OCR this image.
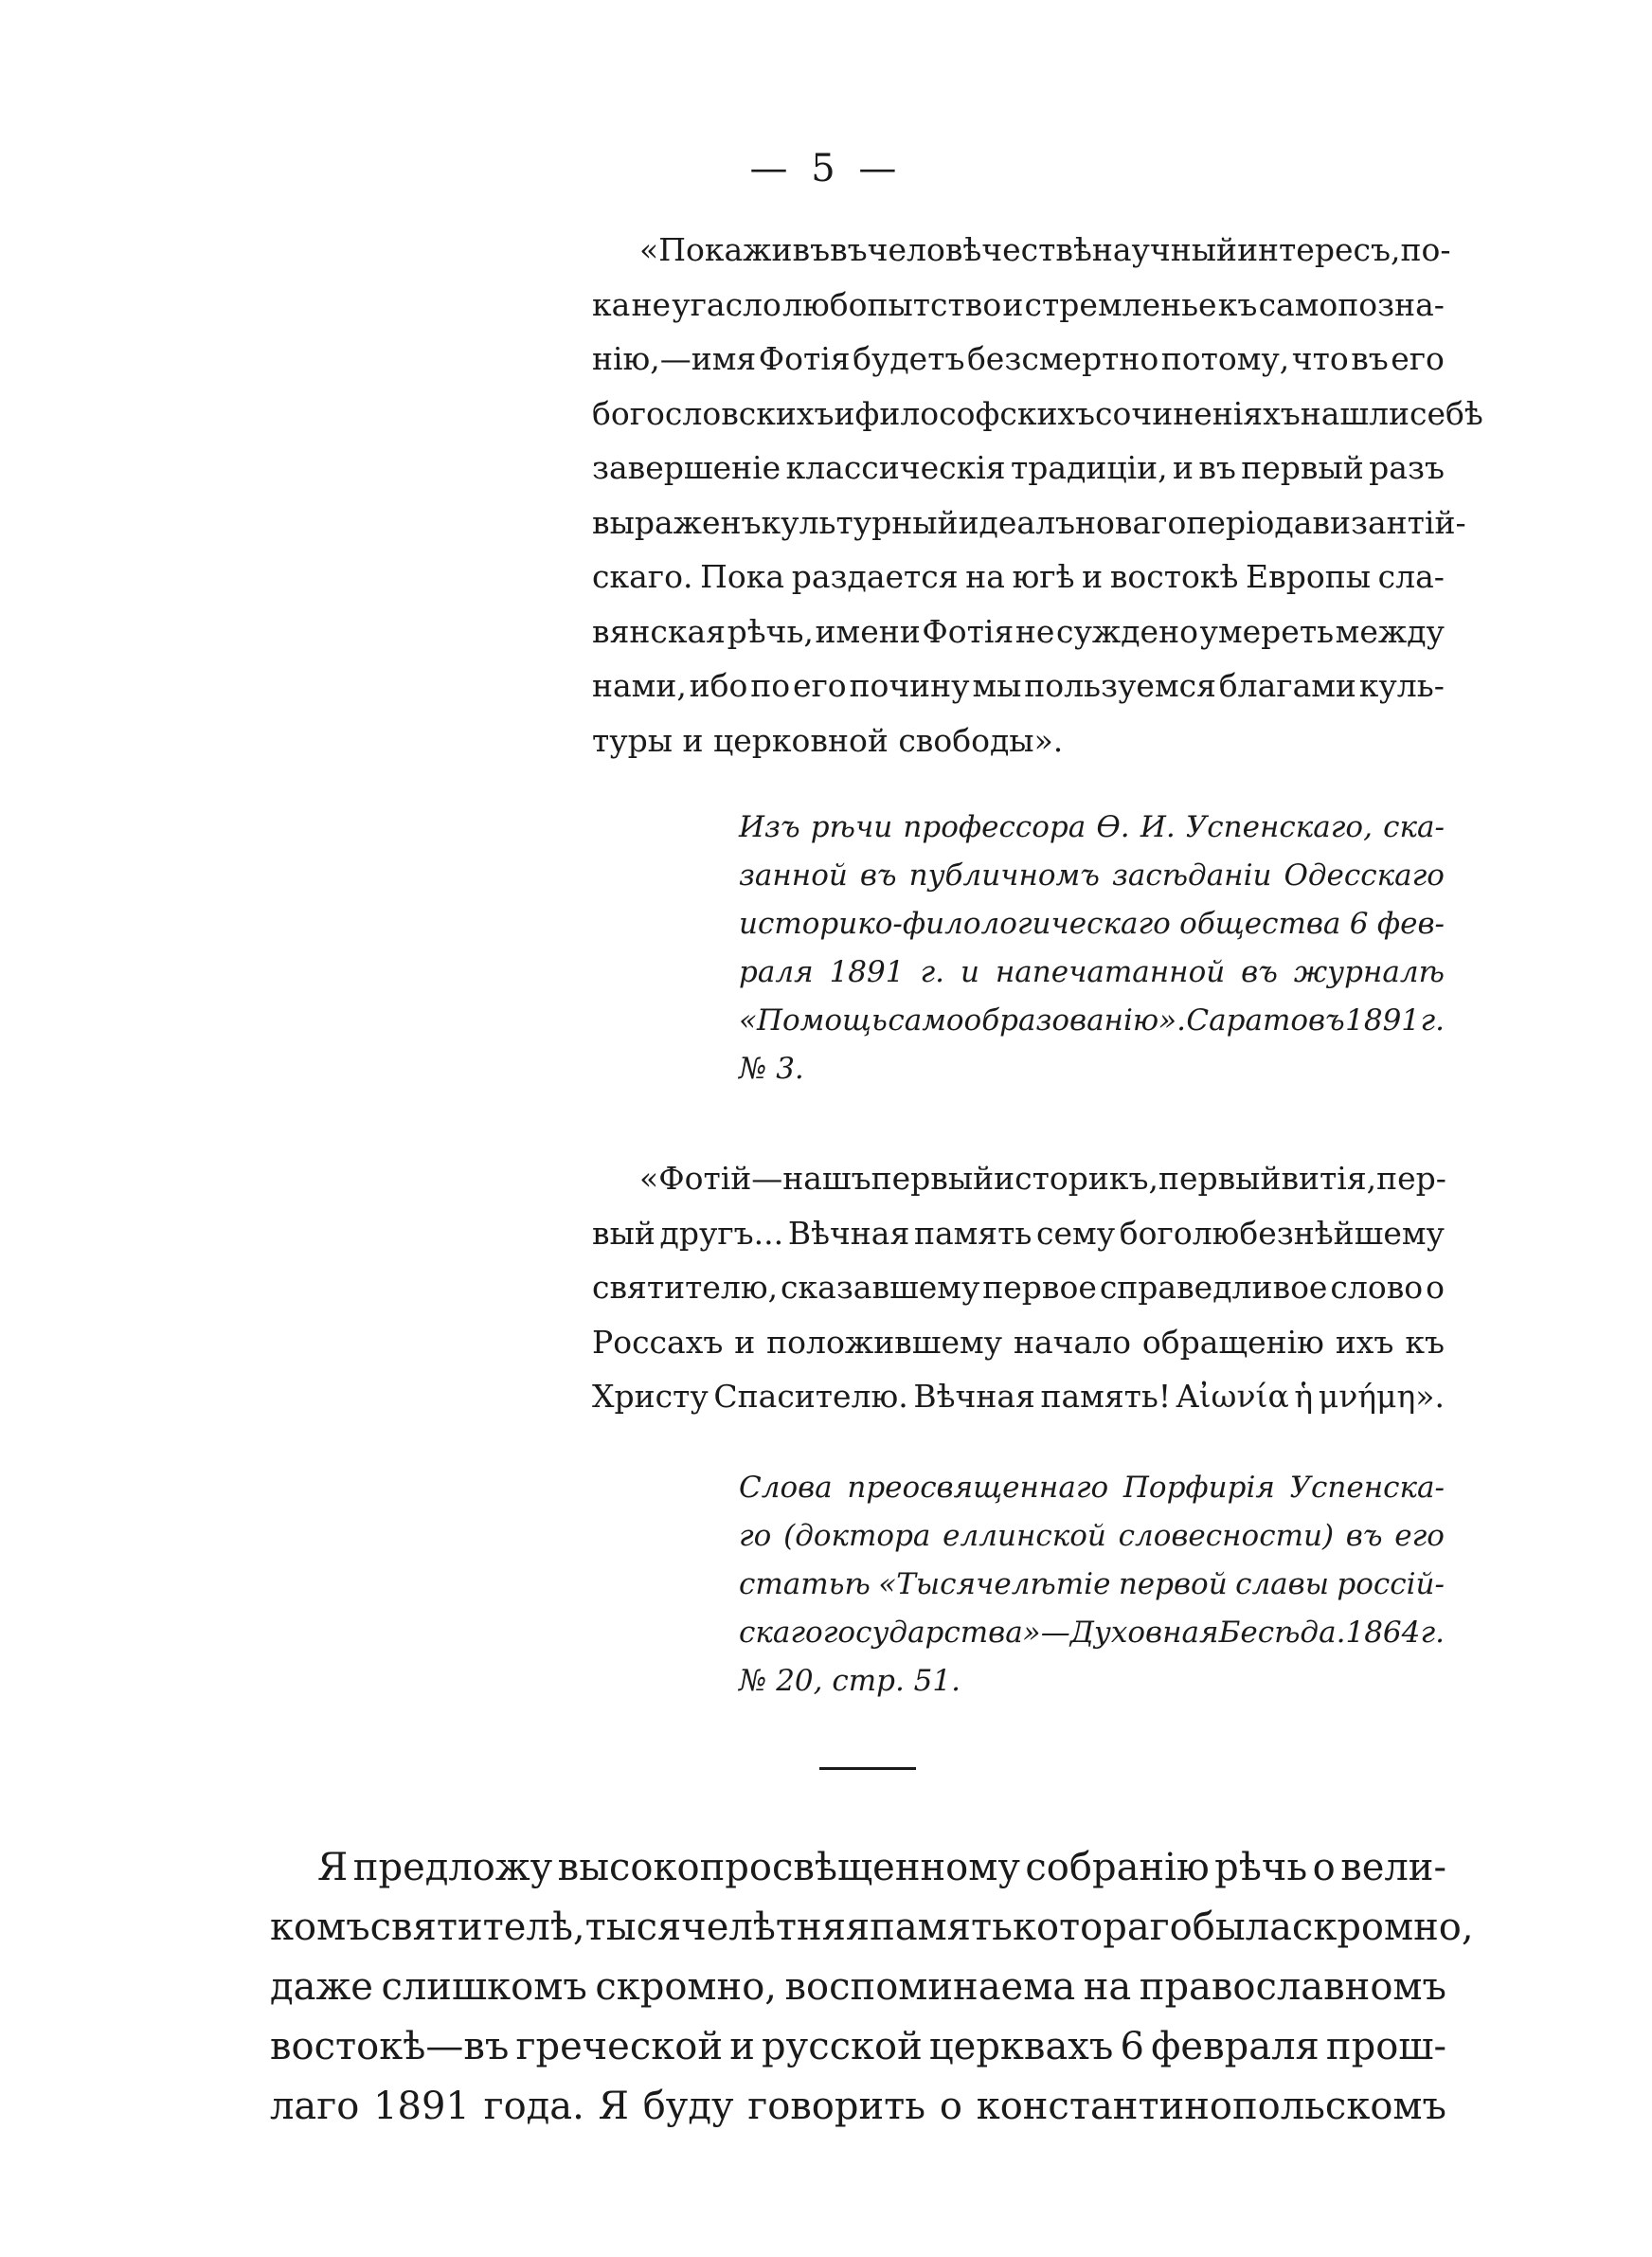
— 5 —
«Пока живъ въ человѣчествѣ научный интересъ, по-
ка не угасло любопытство и стремленье къ самопозна-
нію,—имя Фотія будетъ безсмертно потому, что въ его
богословскихъ и философскихъ сочиненіяхъ нашли себѣ
завершеніе классическія традиціи, и въ первый разъ
выраженъ культурный идеалъ новаго періода византій-
скаго. Пока раздается на югѣ и востокѣ Европы сла-
вянская рѣчь, имени Фотія не суждено умереть между
нами, ибо по его почину мы пользуемся благами куль-
туры и церковной свободы».
Изъ рѣчи профессора Ѳ. И. Успенскаго, ска-
занной въ публичномъ засѣданіи Одесскаго
историко-филологическаго общества 6 фев-
раля 1891 г. и напечатанной въ журналѣ
«Помощь самообразованію». Саратовъ 1891 г.
№ 3.
«Фотій—нашъ первый историкъ, первый витія, пер-
вый другъ... Вѣчная память сему боголюбезнѣйшему
святителю, сказавшему первое справедливое слово о
Россахъ и положившему начало обращенію ихъ къ
Христу Спасителю. Вѣчная память! Αἰωνία ἡ μνήμη».
Слова преосвященнаго Порфирія Успенска-
го (доктора еллинской словесности) въ его
статьѣ «Тысячелѣтіе первой славы россій-
скаго государства» —Духовная Бесѣда. 1864 г.
№ 20, стр. 51.
Я предложу высокопросвѣщенному собранію рѣчь о вели-
комъ святителѣ, тысячелѣтняя память котораго была скромно,
даже слишкомъ скромно, воспоминаема на православномъ
востокѣ—въ греческой и русской церквахъ 6 февраля прош-
лаго 1891 года. Я буду говорить о константинопольскомъ
